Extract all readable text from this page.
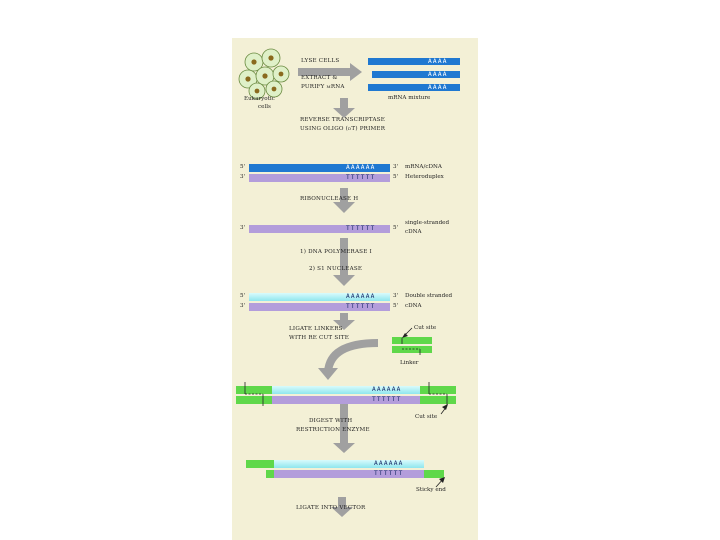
LYSE CELLS
EXTRACT &
PURIFY mRNA
Eukaryotic
cells
mRNA mixture
AAAA
AAAA
AAAA
REVERSE TRANSCRIPTASE
USING OLIGO (dT) PRIMER
5'
3'
AAAAAA
TTTTTT
3'
5'
mRNA/cDNA
Heteroduplex
RIBONUCLEASE H
3'	TTTTTT	5'
single-stranded
cDNA
1) DNA POLYMERASE I
2) S1 NUCLEASE
5'
3'
AAAAAA
TTTTTT
3'
5'
Double stranded
cDNA
LIGATE LINKERS
WITH RE CUT SITE
Cut site
Linker
AAAAAA
TTTTTT
Cut site
DIGEST WITH
RESTRICTION ENZYME
AAAAAA
TTTTTT
Sticky end
LIGATE INTO VECTOR
